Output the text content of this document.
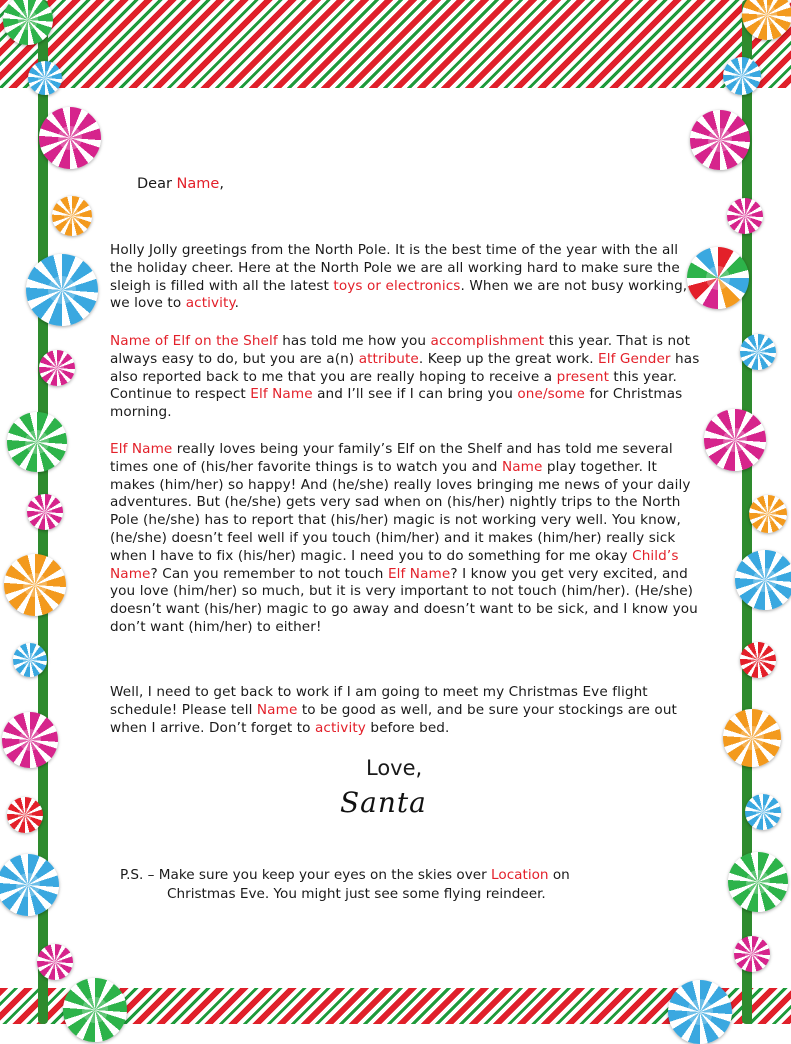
Dear Name,

Holly Jolly greetings from the North Pole. It is the best time of the year with the all the holiday cheer. Here at the North Pole we are all working hard to make sure the sleigh is filled with all the latest toys or electronics. When we are not busy working, we love to activity.

Name of Elf on the Shelf has told me how you accomplishment this year. That is not always easy to do, but you are a(n) attribute. Keep up the great work. Elf Gender has also reported back to me that you are really hoping to receive a present this year. Continue to respect Elf Name and I’ll see if I can bring you one/some for Christmas morning.

Elf Name really loves being your family’s Elf on the Shelf and has told me several times one of (his/her favorite things is to watch you and Name play together. It makes (him/her) so happy! And (he/she) really loves bringing me news of your daily adventures. But (he/she) gets very sad when on (his/her) nightly trips to the North Pole (he/she) has to report that (his/her) magic is not working very well. You know, (he/she) doesn’t feel well if you touch (him/her) and it makes (him/her) really sick when I have to fix (his/her) magic. I need you to do something for me okay Child’s Name? Can you remember to not touch Elf Name? I know you get very excited, and you love (him/her) so much, but it is very important to not touch (him/her). (He/she) doesn’t want (his/her) magic to go away and doesn’t want to be sick, and I know you don’t want (him/her) to either!

Well, I need to get back to work if I am going to meet my Christmas Eve flight schedule! Please tell Name to be good as well, and be sure your stockings are out when I arrive. Don’t forget to activity before bed.

Love,
Santa
P.S. – Make sure you keep your eyes on the skies over Location on
Christmas Eve. You might just see some flying reindeer.
